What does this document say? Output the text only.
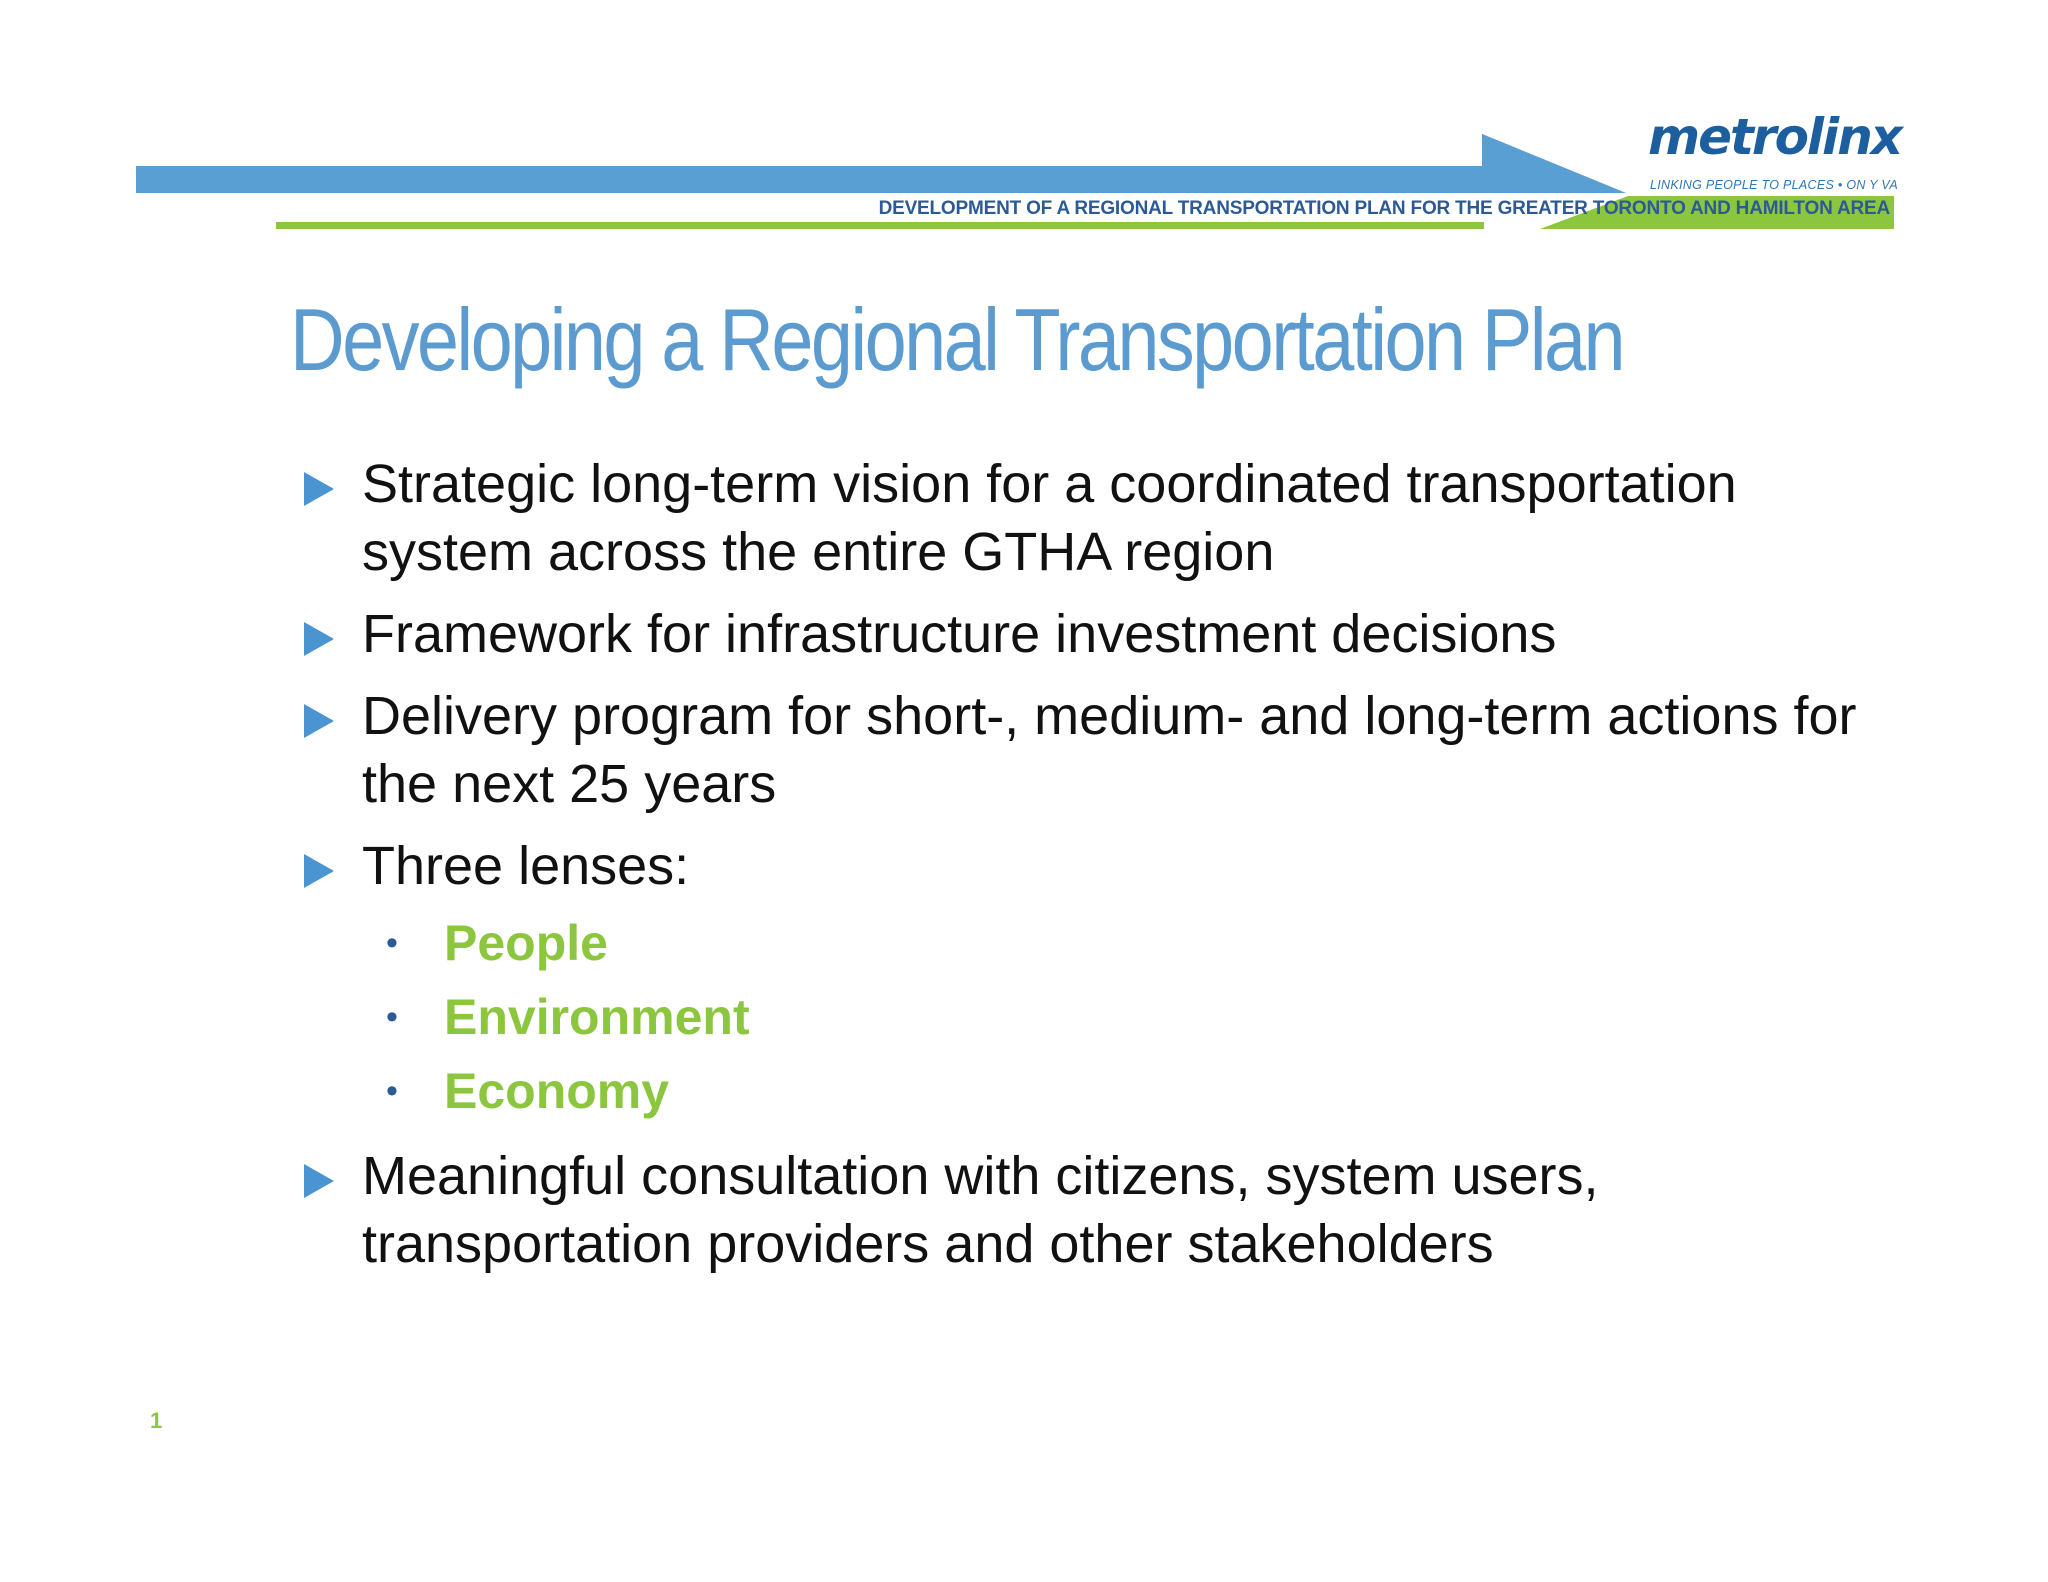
metrolinx
LINKING PEOPLE TO PLACES • ON Y VA
DEVELOPMENT OF A REGIONAL TRANSPORTATION PLAN FOR THE GREATER TORONTO AND HAMILTON AREA
Developing a Regional Transportation Plan
Strategic long-term vision for a coordinated transportation system across the entire GTHA region
Framework for infrastructure investment decisions
Delivery program for short-, medium- and long-term actions for the next 25 years
Three lenses:
• People
• Environment
• Economy
Meaningful consultation with citizens, system users, transportation providers and other stakeholders
1
